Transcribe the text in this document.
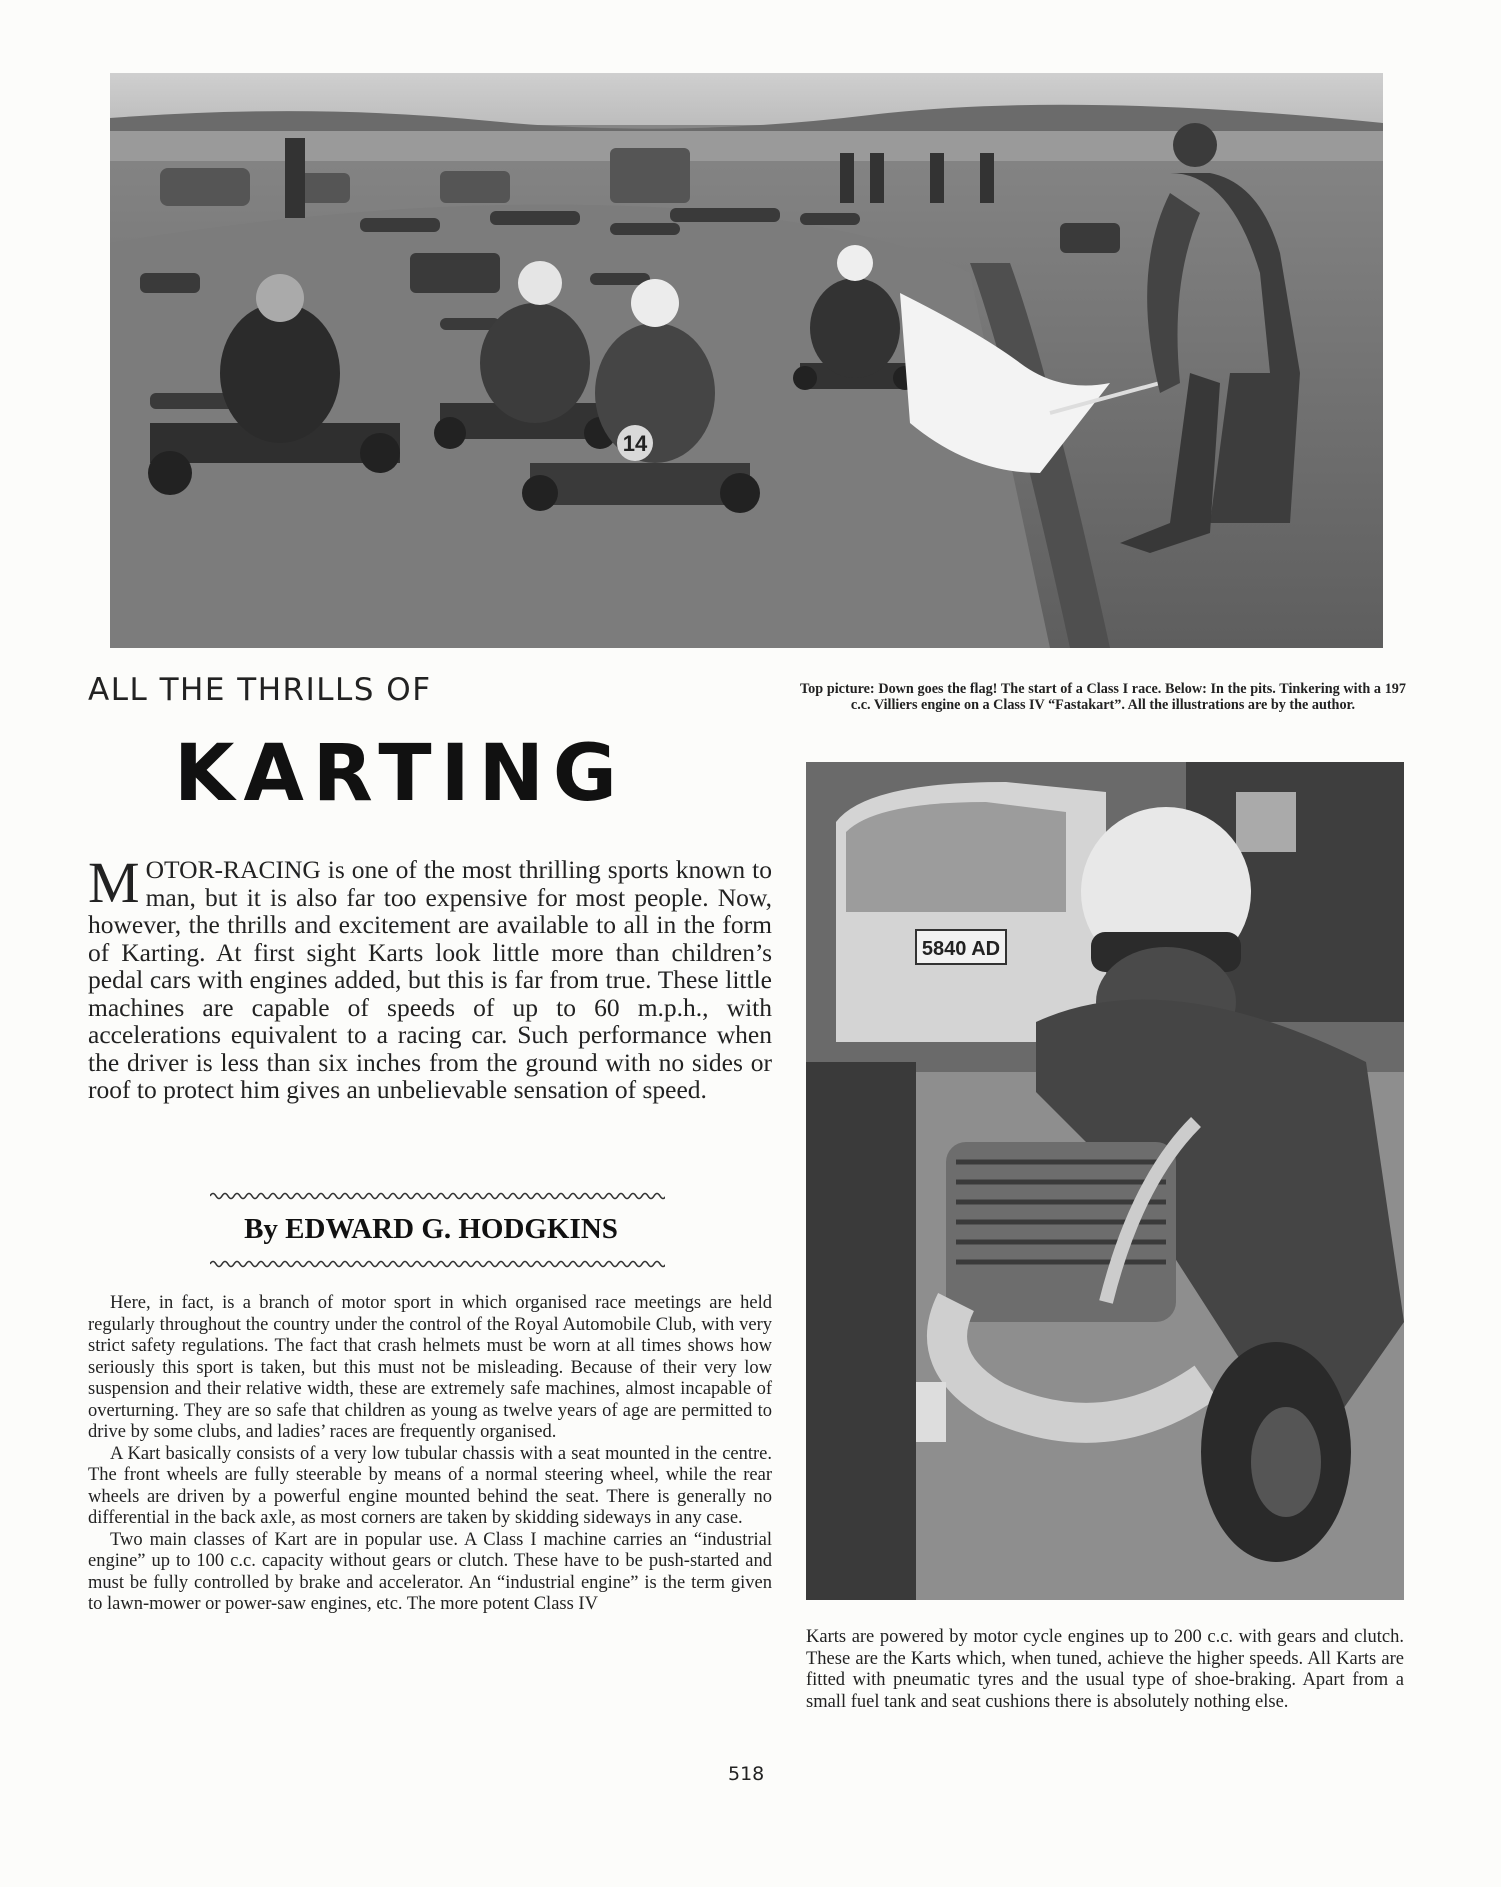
14
ALL THE THRILLS OF
KARTING
Top picture: Down goes the flag! The start of a Class I race. Below: In the pits. Tinkering with a 197 c.c. Villiers engine on a Class IV “Fastakart”. All the illustrations are by the author.
5840 AD
MOTOR-RACING is one of the most thrilling sports known to man, but it is also far too expensive for most people. Now, however, the thrills and excitement are available to all in the form of Karting. At first sight Karts look little more than children’s pedal cars with engines added, but this is far from true. These little machines are capable of speeds of up to 60 m.p.h., with accelerations equivalent to a racing car. Such performance when the driver is less than six inches from the ground with no sides or roof to protect him gives an unbelievable sensation of speed.
By EDWARD G. HODGKINS

Here, in fact, is a branch of motor sport in which organised race meetings are held regularly throughout the country under the control of the Royal Automobile Club, with very strict safety regulations. The fact that crash helmets must be worn at all times shows how seriously this sport is taken, but this must not be misleading. Because of their very low suspension and their relative width, these are extremely safe machines, almost incapable of overturning. They are so safe that children as young as twelve years of age are permitted to drive by some clubs, and ladies’ races are frequently organised.

A Kart basically consists of a very low tubular chassis with a seat mounted in the centre. The front wheels are fully steerable by means of a normal steering wheel, while the rear wheels are driven by a powerful engine mounted behind the seat. There is generally no differential in the back axle, as most corners are taken by skidding sideways in any case.

Two main classes of Kart are in popular use. A Class I machine carries an “industrial engine” up to 100 c.c. capacity without gears or clutch. These have to be push-started and must be fully controlled by brake and accelerator. An “industrial engine” is the term given to lawn-mower or power-saw engines, etc. The more potent Class IV

Karts are powered by motor cycle engines up to 200 c.c. with gears and clutch. These are the Karts which, when tuned, achieve the higher speeds. All Karts are fitted with pneumatic tyres and the usual type of shoe-braking. Apart from a small fuel tank and seat cushions there is absolutely nothing else.
518
